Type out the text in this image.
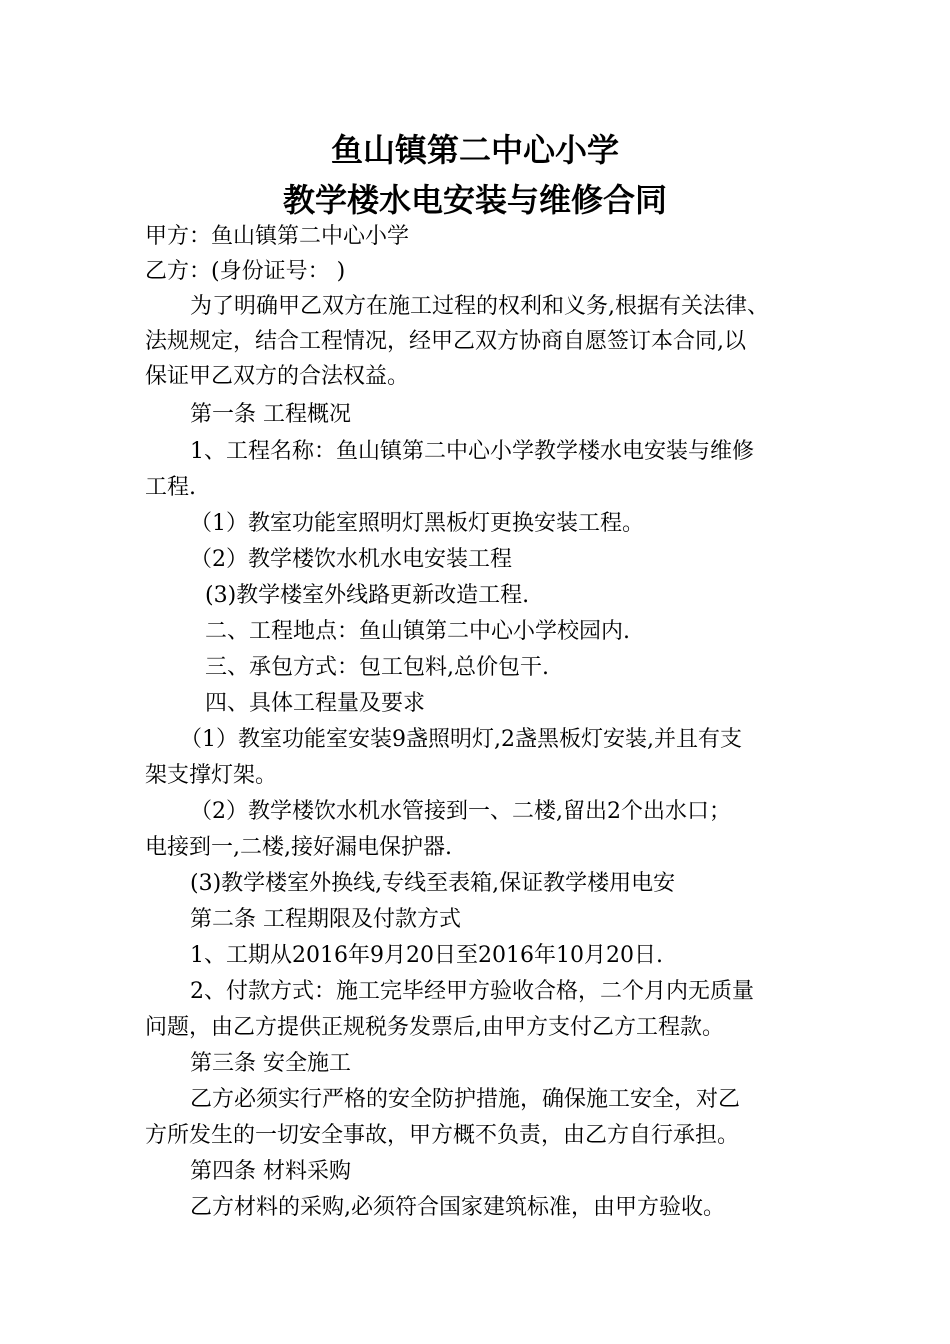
鱼山镇第二中心小学
教学楼水电安装与维修合同
甲方：鱼山镇第二中心小学
乙方：(身份证号： )
为了明确甲乙双方在施工过程的权利和义务,根据有关法律、
法规规定，结合工程情况，经甲乙双方协商自愿签订本合同,以
保证甲乙双方的合法权益。
第一条 工程概况
1、工程名称：鱼山镇第二中心小学教学楼水电安装与维修
工程.
（1）教室功能室照明灯黑板灯更换安装工程。
（2）教学楼饮水机水电安装工程
(3)教学楼室外线路更新改造工程.
二、工程地点：鱼山镇第二中心小学校园内.
三、承包方式：包工包料,总价包干.
四、具体工程量及要求
（1）教室功能室安装9盏照明灯,2盏黑板灯安装,并且有支
架支撑灯架。
（2）教学楼饮水机水管接到一、二楼,留出2个出水口；
电接到一,二楼,接好漏电保护器.
(3)教学楼室外换线,专线至表箱,保证教学楼用电安
第二条 工程期限及付款方式
1、工期从2016年9月20日至2016年10月20日.
2、付款方式：施工完毕经甲方验收合格，二个月内无质量
问题，由乙方提供正规税务发票后,由甲方支付乙方工程款。
第三条 安全施工
乙方必须实行严格的安全防护措施，确保施工安全，对乙
方所发生的一切安全事故，甲方概不负责，由乙方自行承担。
第四条 材料采购
乙方材料的采购,必须符合国家建筑标准，由甲方验收。
